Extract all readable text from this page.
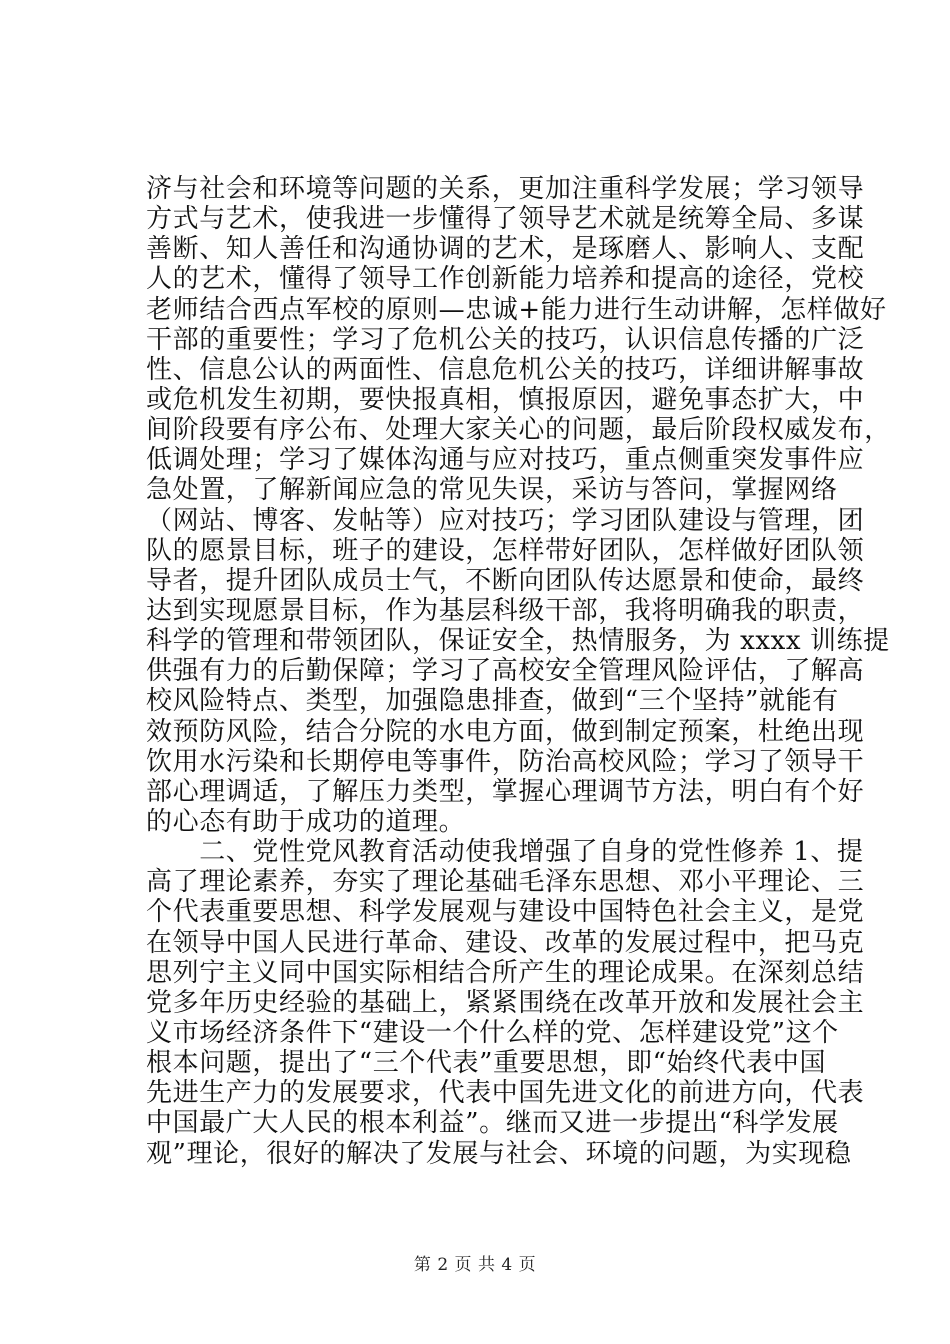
济与社会和环境等问题的关系，更加注重科学发展；学习领导
方式与艺术，使我进一步懂得了领导艺术就是统筹全局、多谋
善断、知人善任和沟通协调的艺术，是琢磨人、影响人、支配
人的艺术，懂得了领导工作创新能力培养和提高的途径，党校
老师结合西点军校的原则—忠诚+能力进行生动讲解，怎样做好
干部的重要性；学习了危机公关的技巧，认识信息传播的广泛
性、信息公认的两面性、信息危机公关的技巧，详细讲解事故
或危机发生初期，要快报真相，慎报原因，避免事态扩大，中
间阶段要有序公布、处理大家关心的问题，最后阶段权威发布，
低调处理；学习了媒体沟通与应对技巧，重点侧重突发事件应
急处置，了解新闻应急的常见失误，采访与答问，掌握网络
（网站、博客、发帖等）应对技巧；学习团队建设与管理，团
队的愿景目标，班子的建设，怎样带好团队，怎样做好团队领
导者，提升团队成员士气，不断向团队传达愿景和使命，最终
达到实现愿景目标，作为基层科级干部，我将明确我的职责，
科学的管理和带领团队，保证安全，热情服务，为 xxxx 训练提
供强有力的后勤保障；学习了高校安全管理风险评估，了解高
校风险特点、类型，加强隐患排查，做到“三个坚持”就能有
效预防风险，结合分院的水电方面，做到制定预案，杜绝出现
饮用水污染和长期停电等事件，防治高校风险；学习了领导干
部心理调适，了解压力类型，掌握心理调节方法，明白有个好
的心态有助于成功的道理。
　　二、党性党风教育活动使我增强了自身的党性修养 1、提
高了理论素养，夯实了理论基础毛泽东思想、邓小平理论、三
个代表重要思想、科学发展观与建设中国特色社会主义，是党
在领导中国人民进行革命、建设、改革的发展过程中，把马克
思列宁主义同中国实际相结合所产生的理论成果。在深刻总结
党多年历史经验的基础上，紧紧围绕在改革开放和发展社会主
义市场经济条件下“建设一个什么样的党、怎样建设党”这个
根本问题，提出了“三个代表”重要思想，即“始终代表中国
先进生产力的发展要求，代表中国先进文化的前进方向，代表
中国最广大人民的根本利益”。继而又进一步提出“科学发展
观”理论，很好的解决了发展与社会、环境的问题，为实现稳
第 2 页 共 4 页
